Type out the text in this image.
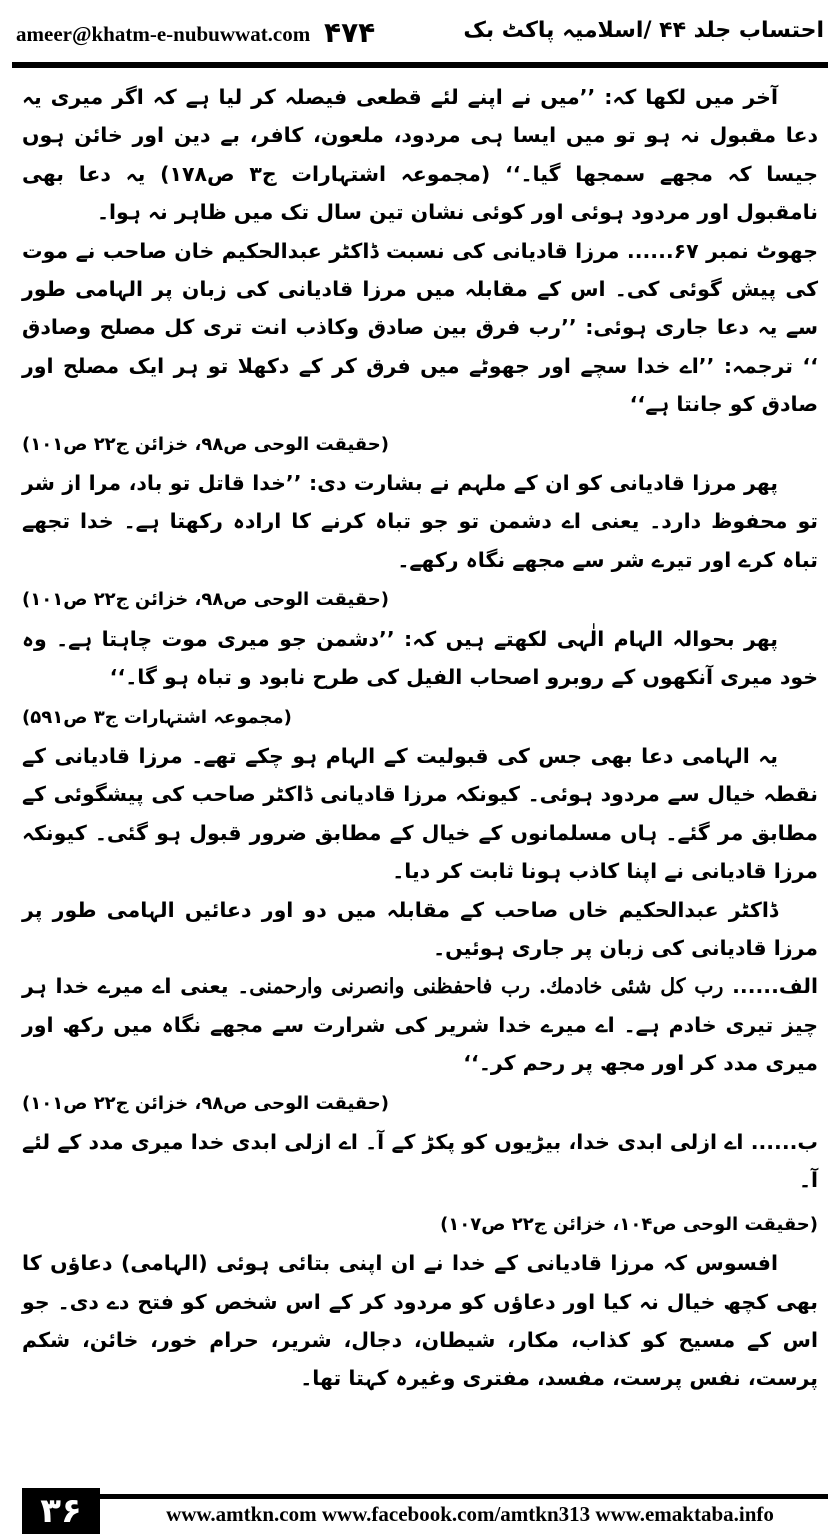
ameer@khatm-e-nubuwwat.com ۴۷۴	احتساب جلد ۴۴ /اسلامیہ پاکٹ بک

آخر میں لکھا کہ: ’’میں نے اپنے لئے قطعی فیصلہ کر لیا ہے کہ اگر میری یہ دعا مقبول نہ ہو تو میں ایسا ہی مردود، ملعون، کافر، بے دین اور خائن ہوں جیسا کہ مجھے سمجھا گیا۔‘‘ (مجموعہ اشتہارات ج۳ ص۱۷۸) یہ دعا بھی نامقبول اور مردود ہوئی اور کوئی نشان تین سال تک میں ظاہر نہ ہوا۔

جھوٹ نمبر ۶۷...... مرزا قادیانی کی نسبت ڈاکٹر عبدالحکیم خان صاحب نے موت کی پیش گوئی کی۔ اس کے مقابلہ میں مرزا قادیانی کی زبان پر الہامی طور سے یہ دعا جاری ہوئی: ’’رب فرق بین صادق وکاذب انت تری کل مصلح وصادق ‘‘ ترجمہ: ’’اے خدا سچے اور جھوٹے میں فرق کر کے دکھلا تو ہر ایک مصلح اور صادق کو جانتا ہے‘‘

(حقیقت الوحی ص۹۸، خزائن ج۲۲ ص۱۰۱)

پھر مرزا قادیانی کو ان کے ملہم نے بشارت دی: ’’خدا قاتل تو باد، مرا از شر تو محفوظ دارد۔ یعنی اے دشمن تو جو تباہ کرنے کا ارادہ رکھتا ہے۔ خدا تجھے تباہ کرے اور تیرے شر سے مجھے نگاہ رکھے۔

(حقیقت الوحی ص۹۸، خزائن ج۲۲ ص۱۰۱)

پھر بحوالہ الہام الٰہی لکھتے ہیں کہ: ’’دشمن جو میری موت چاہتا ہے۔ وہ خود میری آنکھوں کے روبرو اصحاب الفیل کی طرح نابود و تباہ ہو گا۔‘‘

(مجموعہ اشتہارات ج۳ ص۵۹۱)

یہ الہامی دعا بھی جس کی قبولیت کے الہام ہو چکے تھے۔ مرزا قادیانی کے نقطہ خیال سے مردود ہوئی۔ کیونکہ مرزا قادیانی ڈاکٹر صاحب کی پیشگوئی کے مطابق مر گئے۔ ہاں مسلمانوں کے خیال کے مطابق ضرور قبول ہو گئی۔ کیونکہ مرزا قادیانی نے اپنا کاذب ہونا ثابت کر دیا۔

ڈاکٹر عبدالحکیم خاں صاحب کے مقابلہ میں دو اور دعائیں الہامی طور پر مرزا قادیانی کی زبان پر جاری ہوئیں۔

الف...... رب کل شئی خادمك. رب فاحفظنی وانصرنی وارحمنی۔ یعنی اے میرے خدا ہر چیز تیری خادم ہے۔ اے میرے خدا شریر کی شرارت سے مجھے نگاہ میں رکھ اور میری مدد کر اور مجھ پر رحم کر۔‘‘

(حقیقت الوحی ص۹۸، خزائن ج۲۲ ص۱۰۱)

ب...... اے ازلی ابدی خدا، بیڑیوں کو پکڑ کے آ۔ اے ازلی ابدی خدا میری مدد کے لئے آ۔

(حقیقت الوحی ص۱۰۴، خزائن ج۲۲ ص۱۰۷)

افسوس کہ مرزا قادیانی کے خدا نے ان اپنی بتائی ہوئی (الہامی) دعاؤں کا بھی کچھ خیال نہ کیا اور دعاؤں کو مردود کر کے اس شخص کو فتح دے دی۔ جو اس کے مسیح کو کذاب، مکار، شیطان، دجال، شریر، حرام خور، خائن، شکم پرست، نفس پرست، مفسد، مفتری وغیرہ کہتا تھا۔

۳۶	www.amtkn.com www.facebook.com/amtkn313 www.emaktaba.info
